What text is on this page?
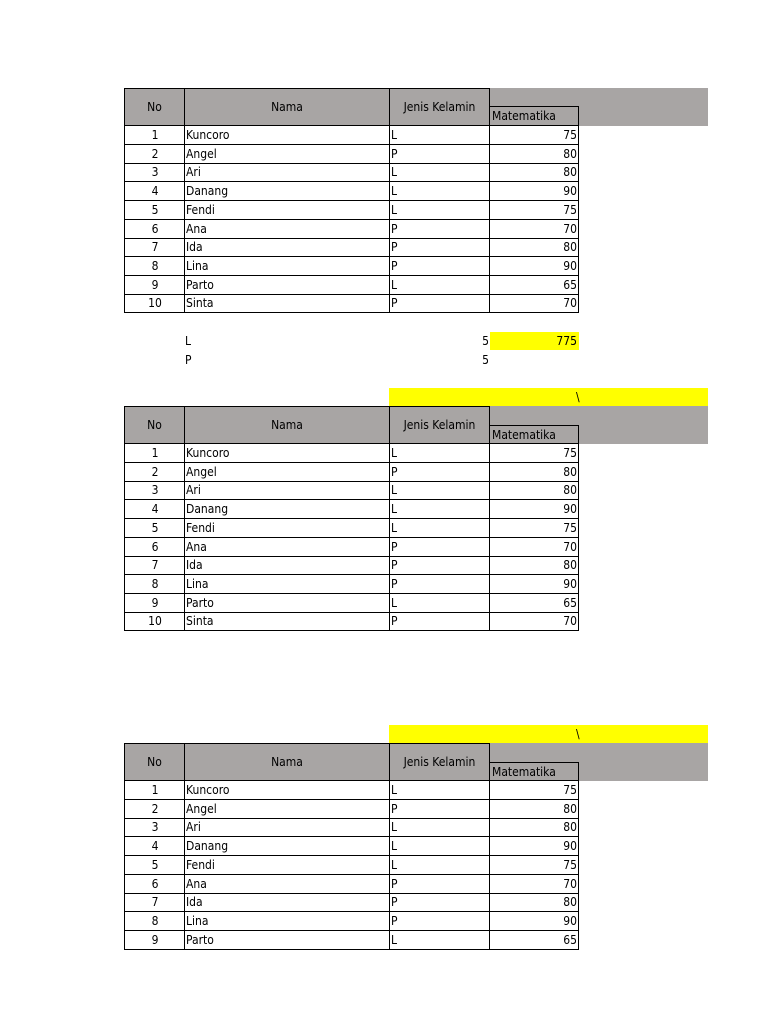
No	Nama	Jenis Kelamin
Matematika
1	Kuncoro	L	75
2	Angel	P	80
3	Ari	L	80
4	Danang	L	90
5	Fendi	L	75
6	Ana	P	70
7	Ida	P	80
8	Lina	P	90
9	Parto	L	65
10	Sinta	P	70
L	5	775
P	5
\
No	Nama	Jenis Kelamin
Matematika
1	Kuncoro	L	75
2	Angel	P	80
3	Ari	L	80
4	Danang	L	90
5	Fendi	L	75
6	Ana	P	70
7	Ida	P	80
8	Lina	P	90
9	Parto	L	65
10	Sinta	P	70
\
No	Nama	Jenis Kelamin
Matematika
1	Kuncoro	L	75
2	Angel	P	80
3	Ari	L	80
4	Danang	L	90
5	Fendi	L	75
6	Ana	P	70
7	Ida	P	80
8	Lina	P	90
9	Parto	L	65
